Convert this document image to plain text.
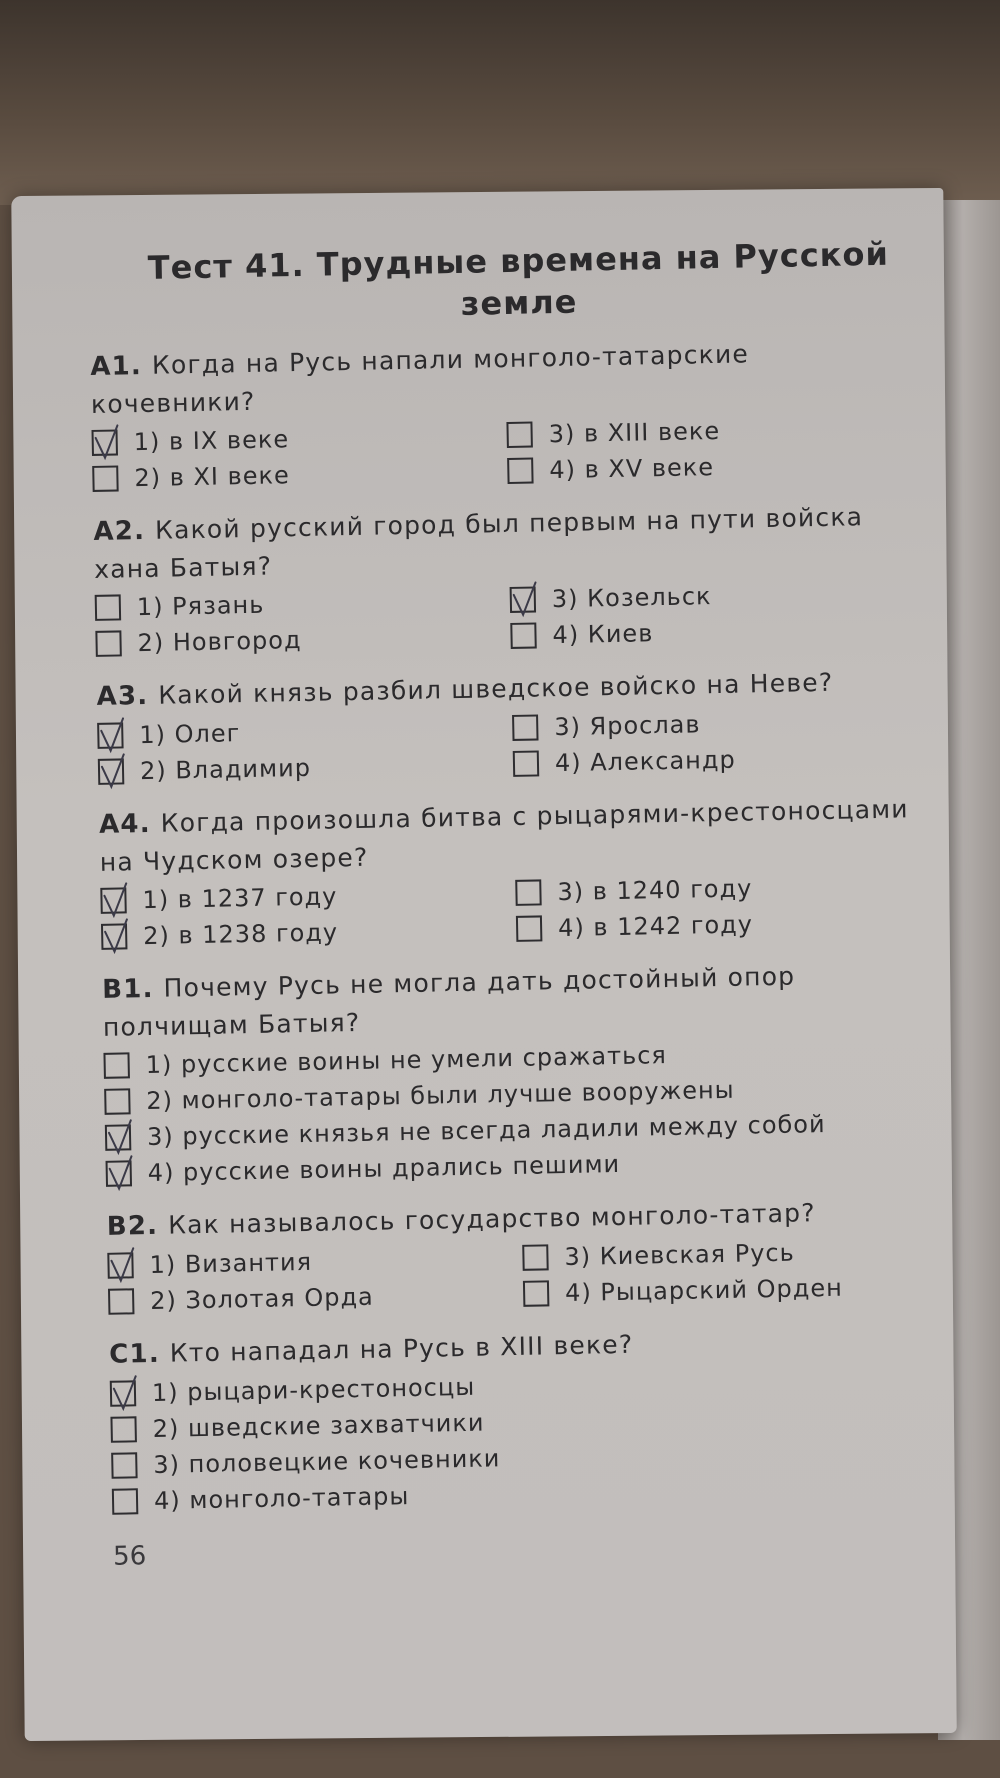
Тест 41. Трудные времена на Русской
земле
А1. Когда на Русь напали монголо-татарские кочевники?
1) в IX веке	3) в XIII веке
2) в XI веке	4) в XV веке
А2. Какой русский город был первым на пути войска хана Батыя?
1) Рязань	3) Козельск
2) Новгород	4) Киев
А3. Какой князь разбил шведское войско на Неве?
1) Олег	3) Ярослав
2) Владимир	4) Александр
А4. Когда произошла битва с рыцарями-крестоносцами на Чудском озере?
1) в 1237 году	3) в 1240 году
2) в 1238 году	4) в 1242 году
В1. Почему Русь не могла дать достойный опор полчищам Батыя?
1) русские воины не умели сражаться
2) монголо-татары были лучше вооружены
3) русские князья не всегда ладили между собой
4) русские воины дрались пешими
В2. Как называлось государство монголо-татар?
1) Византия	3) Киевская Русь
2) Золотая Орда	4) Рыцарский Орден
С1. Кто нападал на Русь в XIII веке?
1) рыцари-крестоносцы
2) шведские захватчики
3) половецкие кочевники
4) монголо-татары
56
